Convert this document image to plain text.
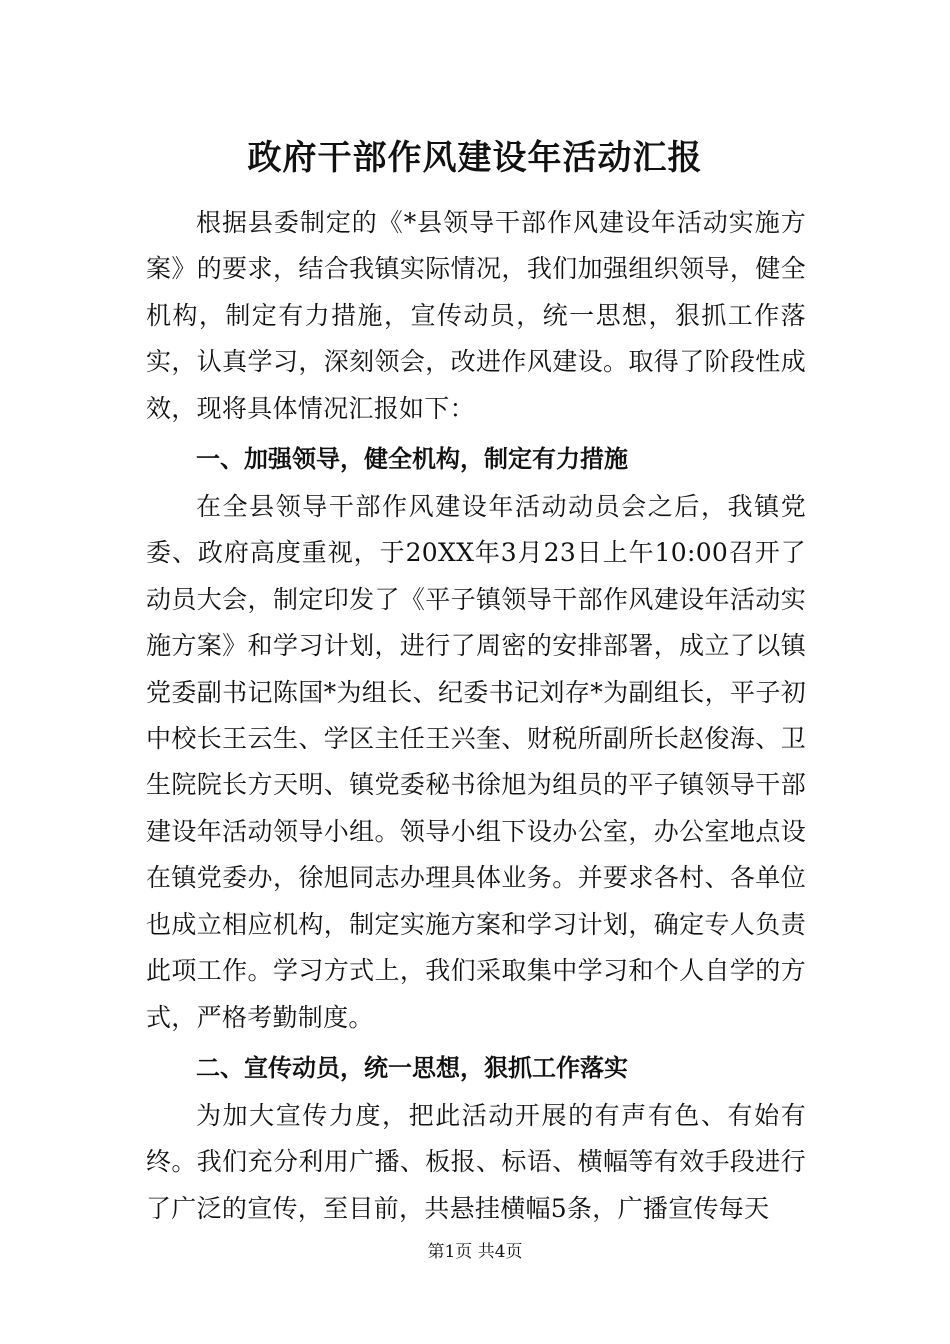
政府干部作风建设年活动汇报

根据县委制定的《*县领导干部作风建设年活动实施方案》的要求，结合我镇实际情况，我们加强组织领导，健全机构，制定有力措施，宣传动员，统一思想，狠抓工作落实，认真学习，深刻领会，改进作风建设。取得了阶段性成效，现将具体情况汇报如下：

一、加强领导，健全机构，制定有力措施

在全县领导干部作风建设年活动动员会之后，我镇党委、政府高度重视，于20XX年3月23日上午10:00召开了动员大会，制定印发了《平子镇领导干部作风建设年活动实施方案》和学习计划，进行了周密的安排部署，成立了以镇党委副书记陈国*为组长、纪委书记刘存*为副组长，平子初中校长王云生、学区主任王兴奎、财税所副所长赵俊海、卫生院院长方天明、镇党委秘书徐旭为组员的平子镇领导干部建设年活动领导小组。领导小组下设办公室，办公室地点设在镇党委办，徐旭同志办理具体业务。并要求各村、各单位也成立相应机构，制定实施方案和学习计划，确定专人负责此项工作。学习方式上，我们采取集中学习和个人自学的方式，严格考勤制度。

二、宣传动员，统一思想，狠抓工作落实

为加大宣传力度，把此活动开展的有声有色、有始有终。我们充分利用广播、板报、标语、横幅等有效手段进行了广泛的宣传，至目前，共悬挂横幅5条，广播宣传每天

第1页 共4页
